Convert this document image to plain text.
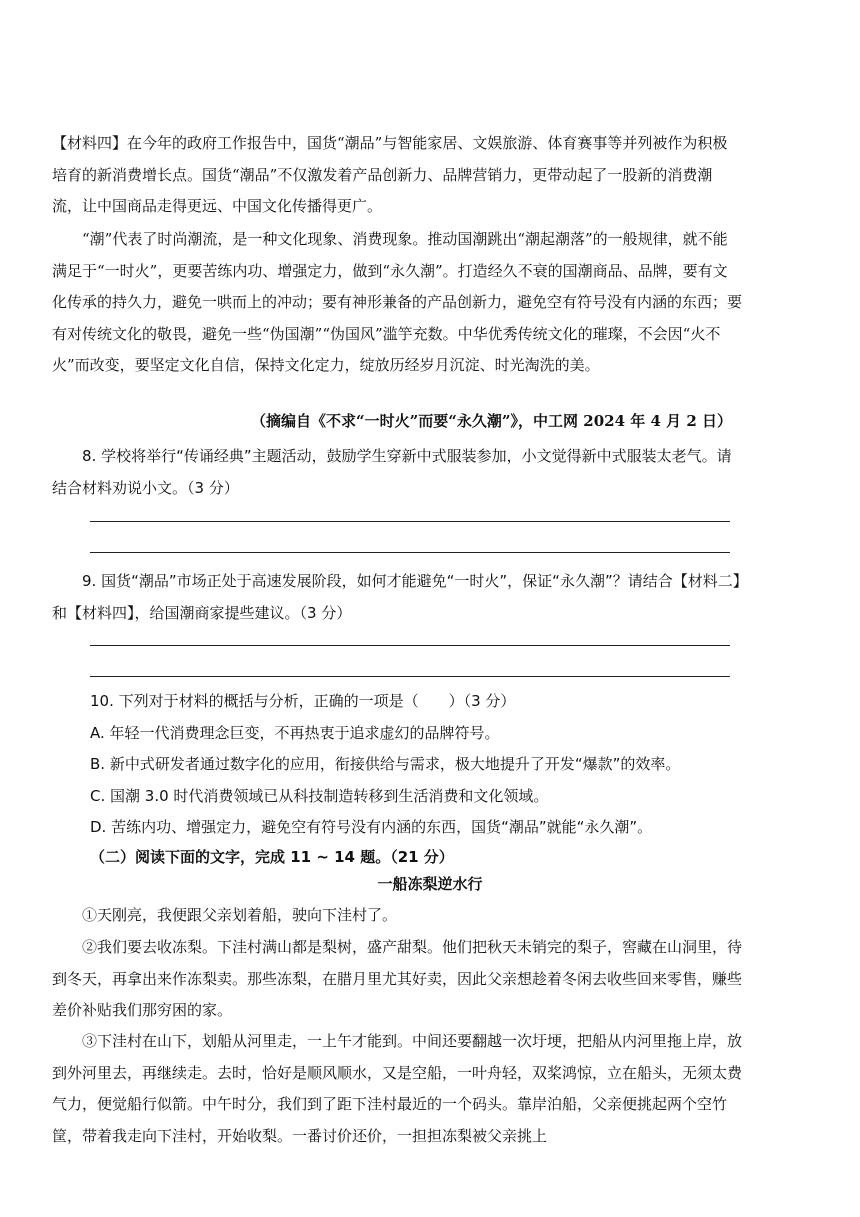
【材料四】在今年的政府工作报告中，国货“潮品”与智能家居、文娱旅游、体育赛事等并列被作为积极培育的新消费增长点。国货“潮品”不仅激发着产品创新力、品牌营销力，更带动起了一股新的消费潮流，让中国商品走得更远、中国文化传播得更广。

“潮”代表了时尚潮流，是一种文化现象、消费现象。推动国潮跳出“潮起潮落”的一般规律，就不能满足于“一时火”，更要苦练内功、增强定力，做到“永久潮”。打造经久不衰的国潮商品、品牌，要有文化传承的持久力，避免一哄而上的冲动；要有神形兼备的产品创新力，避免空有符号没有内涵的东西；要有对传统文化的敬畏，避免一些“伪国潮”“伪国风”滥竽充数。中华优秀传统文化的璀璨，不会因“火不火”而改变，要坚定文化自信，保持文化定力，绽放历经岁月沉淀、时光淘洗的美。

（摘编自《不求“一时火”而要“永久潮”》，中工网 2024 年 4 月 2 日）

8. 学校将举行“传诵经典”主题活动，鼓励学生穿新中式服装参加，小文觉得新中式服装太老气。请结合材料劝说小文。（3 分）

9. 国货“潮品”市场正处于高速发展阶段，如何才能避免“一时火”，保证“永久潮”？请结合【材料二】和【材料四】，给国潮商家提些建议。（3 分）

10. 下列对于材料的概括与分析，正确的一项是（　　）（3 分）
A. 年轻一代消费理念巨变，不再热衷于追求虚幻的品牌符号。
B. 新中式研发者通过数字化的应用，衔接供给与需求，极大地提升了开发“爆款”的效率。
C. 国潮 3.0 时代消费领域已从科技制造转移到生活消费和文化领域。
D. 苦练内功、增强定力，避免空有符号没有内涵的东西，国货“潮品”就能“永久潮”。
（二）阅读下面的文字，完成 11 ~ 14 题。（21 分）
一船冻梨逆水行

①天刚亮，我便跟父亲划着船，驶向下洼村了。

②我们要去收冻梨。下洼村满山都是梨树，盛产甜梨。他们把秋天未销完的梨子，窖藏在山洞里，待到冬天，再拿出来作冻梨卖。那些冻梨，在腊月里尤其好卖，因此父亲想趁着冬闲去收些回来零售，赚些差价补贴我们那穷困的家。

③下洼村在山下，划船从河里走，一上午才能到。中间还要翻越一次圩埂，把船从内河里拖上岸，放到外河里去，再继续走。去时，恰好是顺风顺水，又是空船，一叶舟轻，双桨鸿惊，立在船头，无须太费气力，便觉船行似箭。中午时分，我们到了距下洼村最近的一个码头。靠岸泊船，父亲便挑起两个空竹筐，带着我走向下洼村，开始收梨。一番讨价还价，一担担冻梨被父亲挑上
